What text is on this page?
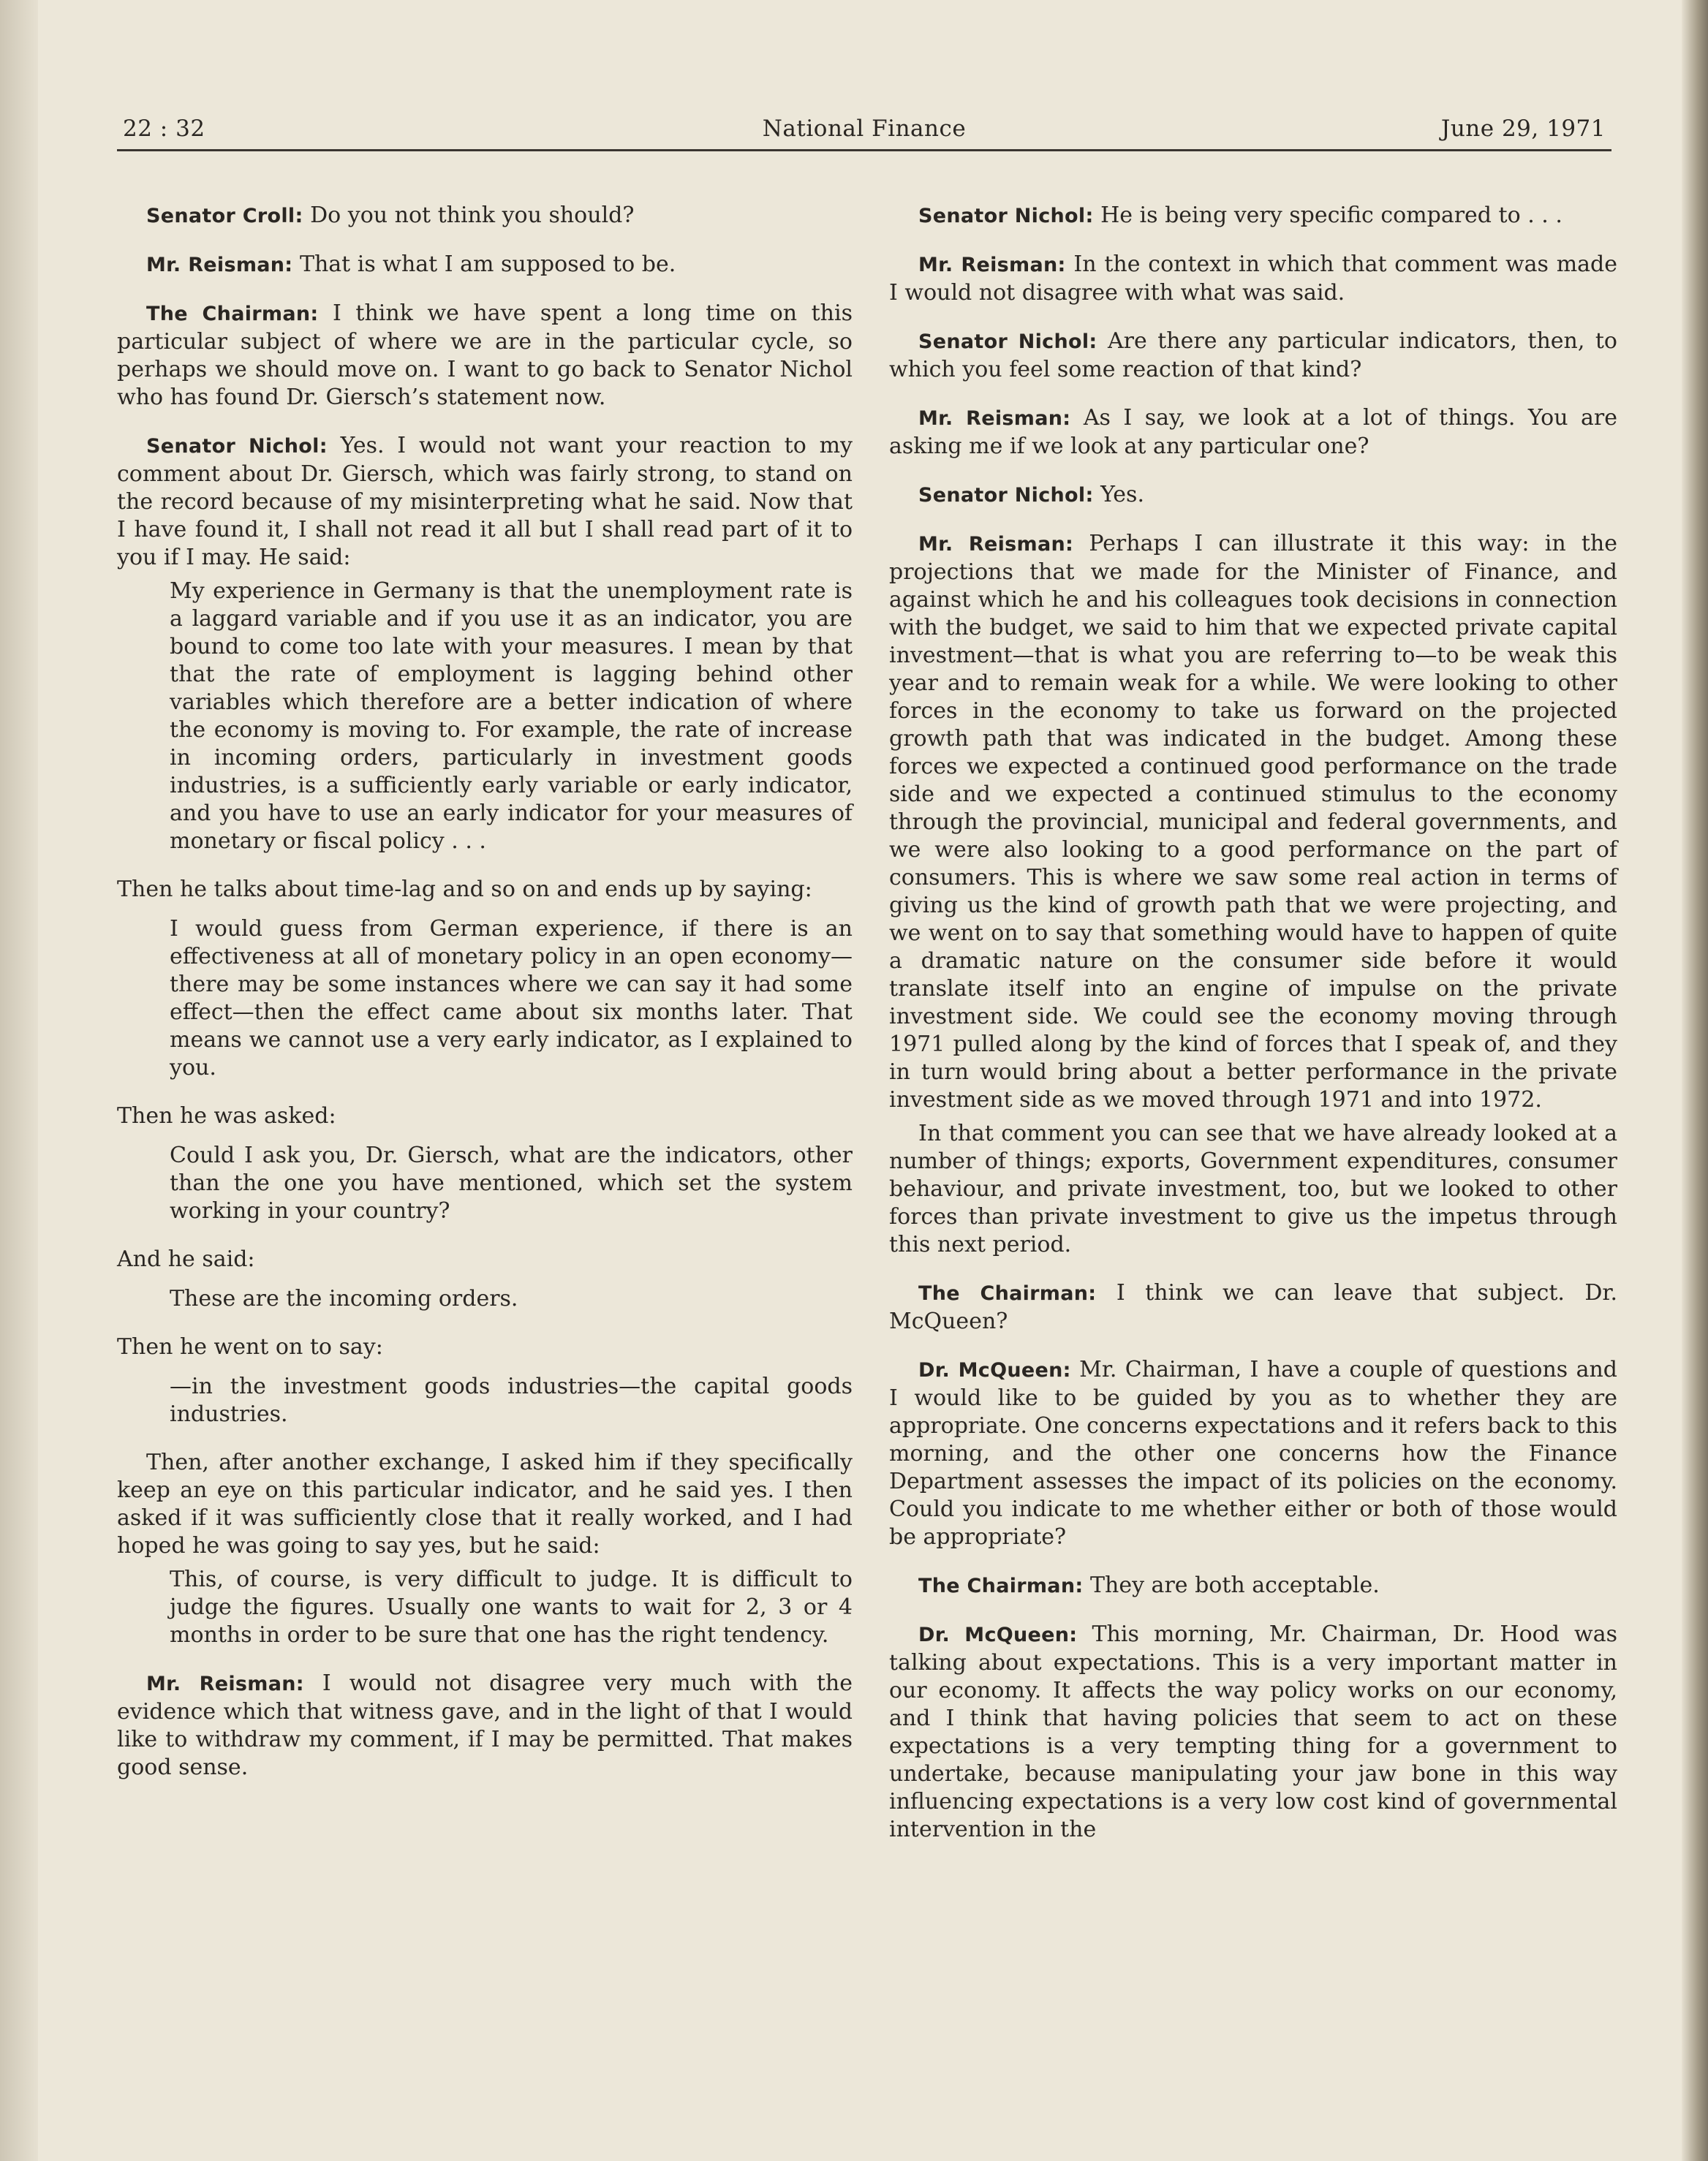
22 : 32	National Finance	June 29, 1971

Senator Croll: Do you not think you should?

Mr. Reisman: That is what I am supposed to be.

The Chairman: I think we have spent a long time on this particular subject of where we are in the particular cycle, so perhaps we should move on. I want to go back to Senator Nichol who has found Dr. Giersch’s statement now.

Senator Nichol: Yes. I would not want your reaction to my comment about Dr. Giersch, which was fairly strong, to stand on the record because of my misinterpreting what he said. Now that I have found it, I shall not read it all but I shall read part of it to you if I may. He said:

My experience in Germany is that the unemployment rate is a laggard variable and if you use it as an indicator, you are bound to come too late with your measures. I mean by that that the rate of employment is lagging behind other variables which therefore are a better indication of where the economy is moving to. For example, the rate of increase in incoming orders, particularly in investment goods industries, is a sufficiently early variable or early indicator, and you have to use an early indicator for your measures of monetary or fiscal policy . . .

Then he talks about time-lag and so on and ends up by saying:

I would guess from German experience, if there is an effectiveness at all of monetary policy in an open economy—there may be some instances where we can say it had some effect—then the effect came about six months later. That means we cannot use a very early indicator, as I explained to you.

Then he was asked:

Could I ask you, Dr. Giersch, what are the indicators, other than the one you have mentioned, which set the system working in your country?

And he said:

These are the incoming orders.

Then he went on to say:

—in the investment goods industries—the capital goods industries.

Then, after another exchange, I asked him if they specifically keep an eye on this particular indicator, and he said yes. I then asked if it was sufficiently close that it really worked, and I had hoped he was going to say yes, but he said:

This, of course, is very difficult to judge. It is difficult to judge the figures. Usually one wants to wait for 2, 3 or 4 months in order to be sure that one has the right tendency.

Mr. Reisman: I would not disagree very much with the evidence which that witness gave, and in the light of that I would like to withdraw my comment, if I may be permitted. That makes good sense.

Senator Nichol: He is being very specific compared to . . .

Mr. Reisman: In the context in which that comment was made I would not disagree with what was said.

Senator Nichol: Are there any particular indicators, then, to which you feel some reaction of that kind?

Mr. Reisman: As I say, we look at a lot of things. You are asking me if we look at any particular one?

Senator Nichol: Yes.

Mr. Reisman: Perhaps I can illustrate it this way: in the projections that we made for the Minister of Finance, and against which he and his colleagues took decisions in connection with the budget, we said to him that we expected private capital investment—that is what you are referring to—to be weak this year and to remain weak for a while. We were looking to other forces in the economy to take us forward on the projected growth path that was indicated in the budget. Among these forces we expected a continued good performance on the trade side and we expected a continued stimulus to the economy through the provincial, municipal and federal governments, and we were also looking to a good performance on the part of consumers. This is where we saw some real action in terms of giving us the kind of growth path that we were projecting, and we went on to say that something would have to happen of quite a dramatic nature on the consumer side before it would translate itself into an engine of impulse on the private investment side. We could see the economy moving through 1971 pulled along by the kind of forces that I speak of, and they in turn would bring about a better performance in the private investment side as we moved through 1971 and into 1972.

In that comment you can see that we have already looked at a number of things; exports, Government expenditures, consumer behaviour, and private investment, too, but we looked to other forces than private investment to give us the impetus through this next period.

The Chairman: I think we can leave that subject. Dr. McQueen?

Dr. McQueen: Mr. Chairman, I have a couple of questions and I would like to be guided by you as to whether they are appropriate. One concerns expectations and it refers back to this morning, and the other one concerns how the Finance Department assesses the impact of its policies on the economy. Could you indicate to me whether either or both of those would be appropriate?

The Chairman: They are both acceptable.

Dr. McQueen: This morning, Mr. Chairman, Dr. Hood was talking about expectations. This is a very important matter in our economy. It affects the way policy works on our economy, and I think that having policies that seem to act on these expectations is a very tempting thing for a government to undertake, because manipulating your jaw bone in this way influencing expectations is a very low cost kind of governmental intervention in the
